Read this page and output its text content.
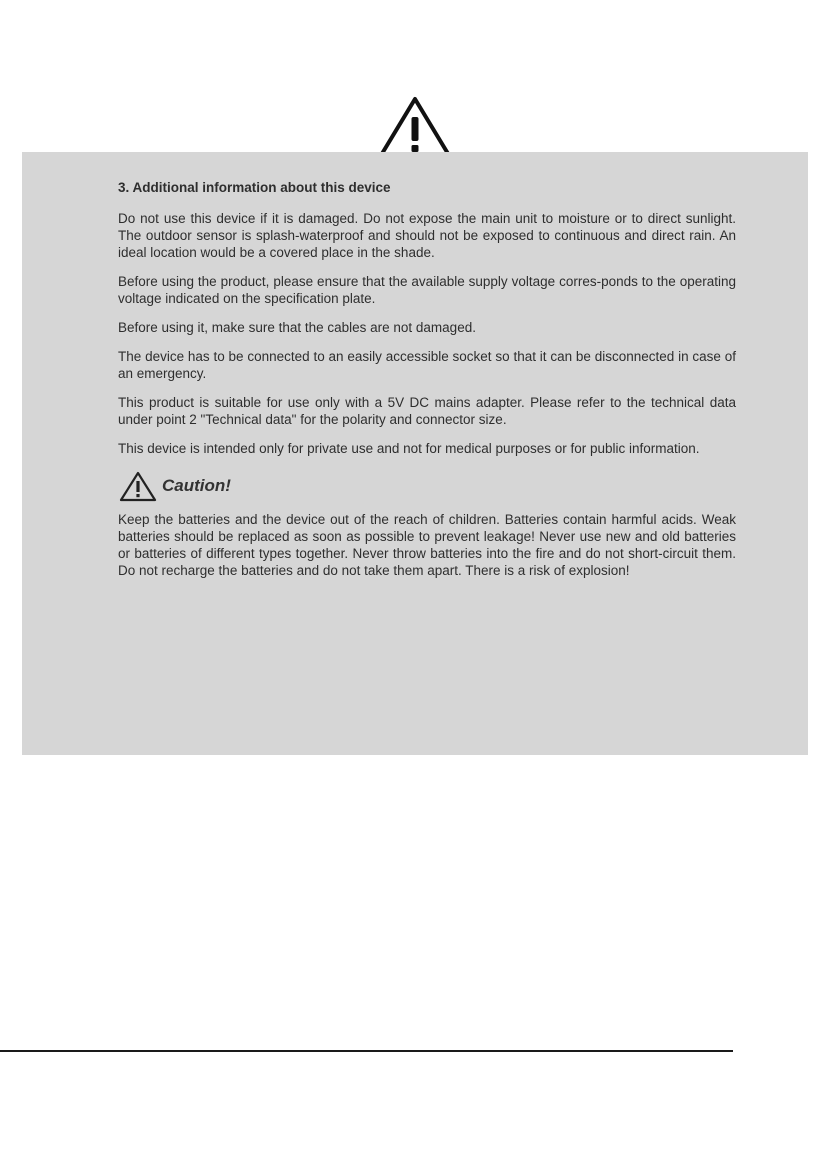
3. Additional information about this device

Do not use this device if it is damaged. Do not expose the main unit to moisture or to direct sunlight. The outdoor sensor is splash-waterproof and should not be exposed to continuous and direct rain. An ideal location would be a covered place in the shade.

Before using the product, please ensure that the available supply voltage corres-ponds to the operating voltage indicated on the specification plate.

Before using it, make sure that the cables are not damaged.

The device has to be connected to an easily accessible socket so that it can be disconnected in case of an emergency.

This product is suitable for use only with a 5V DC mains adapter. Please refer to the technical data under point 2 "Technical data" for the polarity and connector size.

This device is intended only for private use and not for medical purposes or for public information.

Caution!

Keep the batteries and the device out of the reach of children. Batteries contain harmful acids. Weak batteries should be replaced as soon as possible to prevent leakage! Never use new and old batteries or batteries of different types together. Never throw batteries into the fire and do not short-circuit them. Do not recharge the batteries and do not take them apart. There is a risk of explosion!
